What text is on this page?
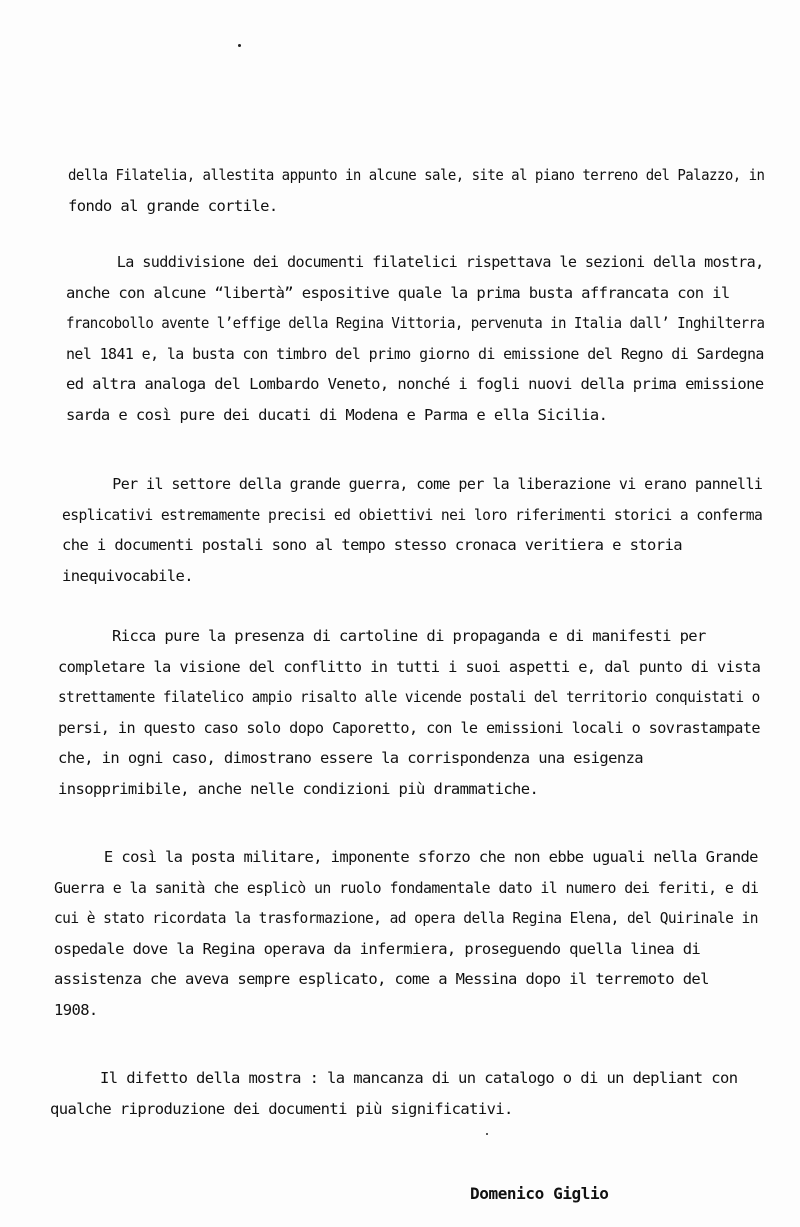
della Filatelia, allestita appunto in alcune sale, site al piano terreno del Palazzo, in
fondo al grande cortile.
La suddivisione dei documenti filatelici rispettava le sezioni della mostra,
anche con alcune “libertà” espositive quale la prima busta affrancata con il
francobollo avente l’effige della Regina Vittoria, pervenuta in Italia dall’ Inghilterra
nel 1841 e, la busta con timbro del primo giorno di emissione del Regno di Sardegna
ed altra analoga del Lombardo Veneto, nonché i fogli nuovi della prima emissione
sarda e così pure dei ducati di Modena e Parma e ella Sicilia.
Per il settore della grande guerra, come per la liberazione vi erano pannelli
esplicativi estremamente precisi ed obiettivi nei loro riferimenti storici a conferma
che i documenti postali sono al tempo stesso cronaca veritiera e storia
inequivocabile.
Ricca pure la presenza di cartoline di propaganda e di manifesti per
completare la visione del conflitto in tutti i suoi aspetti e, dal punto di vista
strettamente filatelico ampio risalto alle vicende postali del territorio conquistati o
persi, in questo caso solo dopo Caporetto, con le emissioni locali o sovrastampate
che, in ogni caso, dimostrano essere la corrispondenza una esigenza
insopprimibile, anche nelle condizioni più drammatiche.
E così la posta militare, imponente sforzo che non ebbe uguali nella Grande
Guerra e la sanità che esplicò un ruolo fondamentale dato il numero dei feriti, e di
cui è stato ricordata la trasformazione, ad opera della Regina Elena, del Quirinale in
ospedale dove la Regina operava da infermiera, proseguendo quella linea di
assistenza che aveva sempre esplicato, come a Messina dopo il terremoto del
1908.
Il difetto della mostra : la mancanza di un catalogo o di un depliant con
qualche riproduzione dei documenti più significativi.
Domenico Giglio
